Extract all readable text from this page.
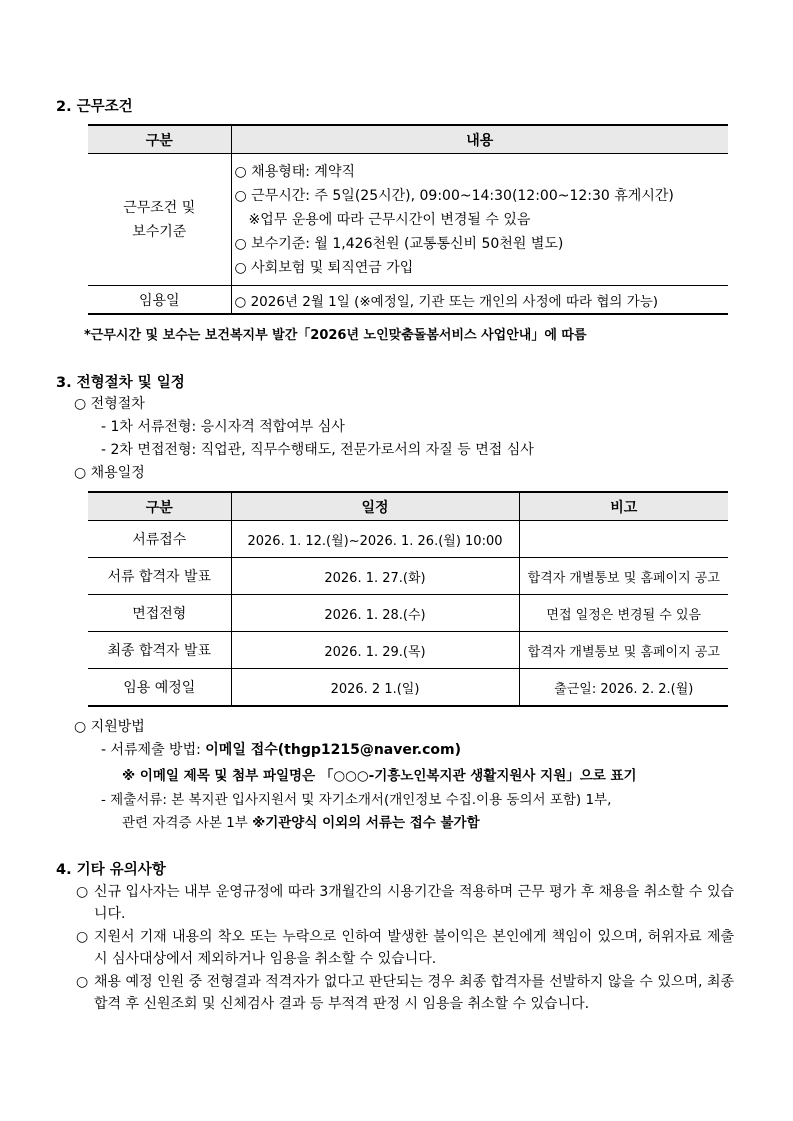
2. 근무조건
구분	내용

근무조건 및
보수기준	○ 채용형태: 계약직
○ 근무시간: 주 5일(25시간), 09:00~14:30(12:00~12:30 휴게시간)
　※업무 운용에 따라 근무시간이 변경될 수 있음
○ 보수기준: 월 1,426천원 (교통통신비 50천원 별도)
○ 사회보험 및 퇴직연금 가입

임용일	○ 2026년 2월 1일 (※예정일, 기관 또는 개인의 사정에 따라 협의 가능)
*근무시간 및 보수는 보건복지부 발간「2026년 노인맞춤돌봄서비스 사업안내」에 따름
3. 전형절차 및 일정
○ 전형절차
- 1차 서류전형: 응시자격 적합여부 심사
- 2차 면접전형: 직업관, 직무수행태도, 전문가로서의 자질 등 면접 심사
○ 채용일정
구분	일정	비고
서류접수	2026. 1. 12.(월)~2026. 1. 26.(월) 10:00	
서류 합격자 발표	2026. 1. 27.(화)	합격자 개별통보 및 홈페이지 공고
면접전형	2026. 1. 28.(수)	면접 일정은 변경될 수 있음
최종 합격자 발표	2026. 1. 29.(목)	합격자 개별통보 및 홈페이지 공고
임용 예정일	2026. 2 1.(일)	출근일: 2026. 2. 2.(월)
○ 지원방법
- 서류제출 방법: 이메일 접수(thgp1215@naver.com)
※ 이메일 제목 및 첨부 파일명은 「○○○-기흥노인복지관 생활지원사 지원」으로 표기
- 제출서류: 본 복지관 입사지원서 및 자기소개서(개인정보 수집.이용 동의서 포함) 1부,
관련 자격증 사본 1부 ※기관양식 이외의 서류는 접수 불가함
4. 기타 유의사항
○ 신규 입사자는 내부 운영규정에 따라 3개월간의 시용기간을 적용하며 근무 평가 후 채용을 취소할 수 있습니다.
○ 지원서 기재 내용의 착오 또는 누락으로 인하여 발생한 불이익은 본인에게 책임이 있으며, 허위자료 제출 시 심사대상에서 제외하거나 임용을 취소할 수 있습니다.
○ 채용 예정 인원 중 전형결과 적격자가 없다고 판단되는 경우 최종 합격자를 선발하지 않을 수 있으며, 최종 합격 후 신원조회 및 신체검사 결과 등 부적격 판정 시 임용을 취소할 수 있습니다.
